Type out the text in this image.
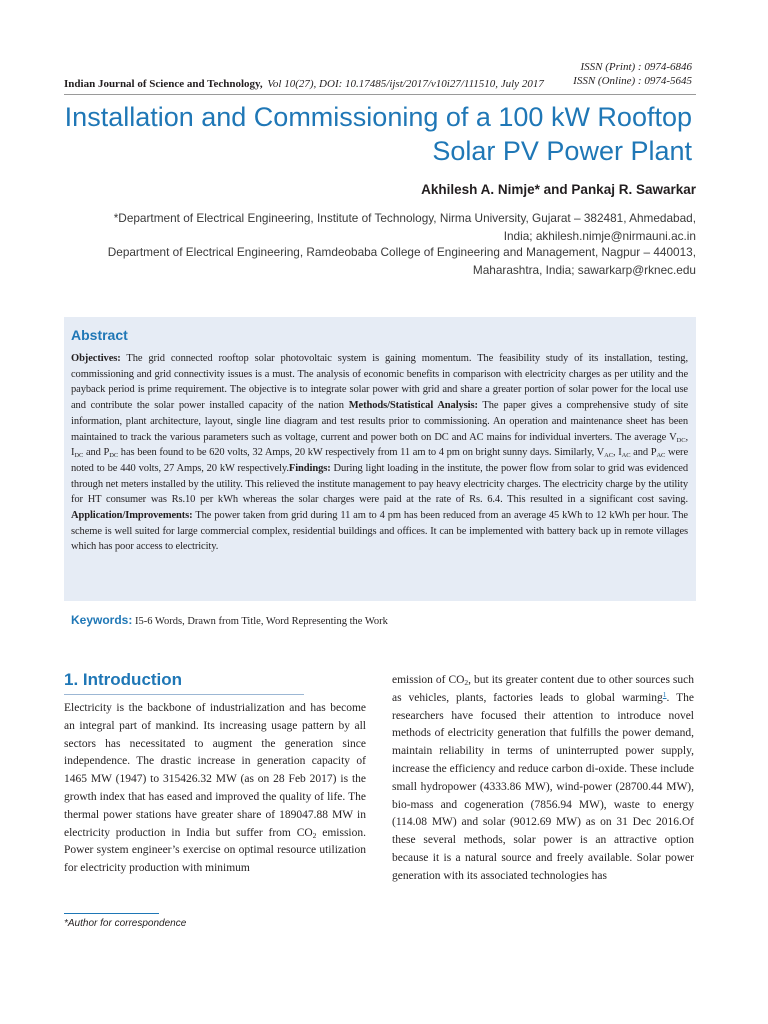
ISSN (Print) : 0974-6846
ISSN (Online) : 0974-5645
Indian Journal of Science and Technology, Vol 10(27), DOI: 10.17485/ijst/2017/v10i27/111510, July 2017
Installation and Commissioning of a 100 kW Rooftop
Solar PV Power Plant
Akhilesh A. Nimje* and Pankaj R. Sawarkar
*Department of Electrical Engineering, Institute of Technology, Nirma University, Gujarat – 382481, Ahmedabad,
India; akhilesh.nimje@nirmauni.ac.in
Department of Electrical Engineering, Ramdeobaba College of Engineering and Management, Nagpur – 440013,
Maharashtra, India; sawarkarp@rknec.edu
Abstract

Objectives: The grid connected rooftop solar photovoltaic system is gaining momentum. The feasibility study of its installation, testing, commissioning and grid connectivity issues is a must. The analysis of economic benefits in comparison with electricity charges as per utility and the payback period is prime requirement. The objective is to integrate solar power with grid and share a greater portion of solar power for the local use and contribute the solar power installed capacity of the nation Methods/Statistical Analysis: The paper gives a comprehensive study of site information, plant architecture, layout, single line diagram and test results prior to commissioning. An operation and maintenance sheet has been maintained to track the various parameters such as voltage, current and power both on DC and AC mains for individual inverters. The average $V_{DC}$, $I_{DC}$ and $P_{DC}$ has been found to be 620 volts, 32 Amps, 20 kW respectively from 11 am to 4 pm on bright sunny days. Similarly, $V_{AC}$, $I_{AC}$ and $P_{AC}$ were noted to be 440 volts, 27 Amps, 20 kW respectively.Findings: During light loading in the institute, the power flow from solar to grid was evidenced through net meters installed by the utility. This relieved the institute management to pay heavy electricity charges. The electricity charge by the utility for HT consumer was Rs.10 per kWh whereas the solar charges were paid at the rate of Rs. 6.4. This resulted in a significant cost saving. Application/Improvements: The power taken from grid during 11 am to 4 pm has been reduced from an average 45 kWh to 12 kWh per hour. The scheme is well suited for large commercial complex, residential buildings and offices. It can be implemented with battery back up in remote villages which has poor access to electricity.

Keywords: I5-6 Words, Drawn from Title, Word Representing the Work
1. Introduction

Electricity is the backbone of industrialization and has become an integral part of mankind. Its increasing usage pattern by all sectors has necessitated to augment the generation since independence. The drastic increase in generation capacity of 1465 MW (1947) to 315426.32 MW (as on 28 Feb 2017) is the growth index that has eased and improved the quality of life. The thermal power stations have greater share of 189047.88 MW in electricity production in India but suffer from $CO_2$ emission. Power system engineer’s exercise on optimal resource utilization for electricity production with minimum

emission of $CO_2$, but its greater content due to other sources such as vehicles, plants, factories leads to global warming$^1$. The researchers have focused their attention to introduce novel methods of electricity generation that fulfills the power demand, maintain reliability in terms of uninterrupted power supply, increase the efficiency and reduce carbon di-oxide. These include small hydropower (4333.86 MW), wind-power (28700.44 MW), bio-mass and cogeneration (7856.94 MW), waste to energy (114.08 MW) and solar (9012.69 MW) as on 31 Dec 2016.Of these several methods, solar power is an attractive option because it is a natural source and freely available. Solar power generation with its associated technologies has

*Author for correspondence
